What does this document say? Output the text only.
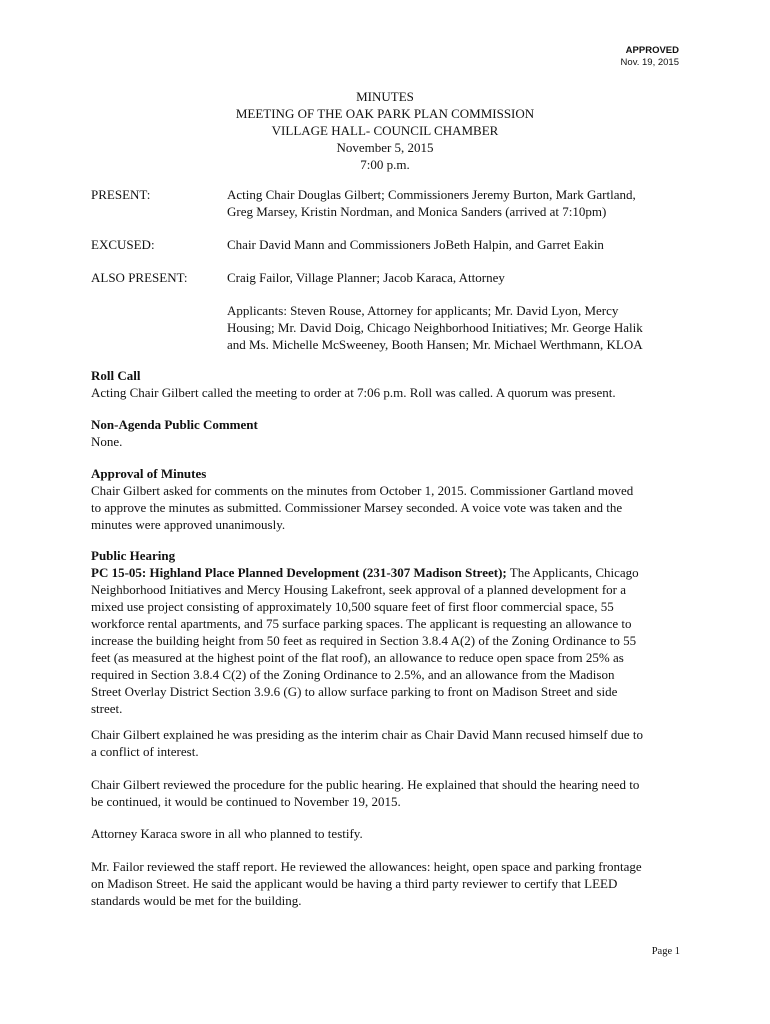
APPROVED
Nov. 19, 2015
MINUTES
MEETING OF THE OAK PARK PLAN COMMISSION
VILLAGE HALL- COUNCIL CHAMBER
November 5, 2015
7:00 p.m.
PRESENT:	Acting Chair Douglas Gilbert; Commissioners Jeremy Burton, Mark Gartland,
Greg Marsey, Kristin Nordman, and Monica Sanders (arrived at 7:10pm)
EXCUSED:	Chair David Mann and Commissioners JoBeth Halpin, and Garret Eakin
ALSO PRESENT:	Craig Failor, Village Planner; Jacob Karaca, Attorney
Applicants: Steven Rouse, Attorney for applicants; Mr. David Lyon, Mercy
Housing; Mr. David Doig, Chicago Neighborhood Initiatives; Mr. George Halik
and Ms. Michelle McSweeney, Booth Hansen; Mr. Michael Werthmann, KLOA
Roll Call

Acting Chair Gilbert called the meeting to order at 7:06 p.m. Roll was called. A quorum was present.

Non-Agenda Public Comment

None.

Approval of Minutes
Chair Gilbert asked for comments on the minutes from October 1, 2015. Commissioner Gartland moved
to approve the minutes as submitted. Commissioner Marsey seconded. A voice vote was taken and the
minutes were approved unanimously.
Public Hearing
PC 15-05: Highland Place Planned Development (231-307 Madison Street); The Applicants, Chicago
Neighborhood Initiatives and Mercy Housing Lakefront, seek approval of a planned development for a
mixed use project consisting of approximately 10,500 square feet of first floor commercial space, 55
workforce rental apartments, and 75 surface parking spaces. The applicant is requesting an allowance to
increase the building height from 50 feet as required in Section 3.8.4 A(2) of the Zoning Ordinance to 55
feet (as measured at the highest point of the flat roof), an allowance to reduce open space from 25% as
required in Section 3.8.4 C(2) of the Zoning Ordinance to 2.5%, and an allowance from the Madison
Street Overlay District Section 3.9.6 (G) to allow surface parking to front on Madison Street and side
street.
Chair Gilbert explained he was presiding as the interim chair as Chair David Mann recused himself due to
a conflict of interest.
Chair Gilbert reviewed the procedure for the public hearing. He explained that should the hearing need to
be continued, it would be continued to November 19, 2015.
Attorney Karaca swore in all who planned to testify.
Mr. Failor reviewed the staff report. He reviewed the allowances: height, open space and parking frontage
on Madison Street. He said the applicant would be having a third party reviewer to certify that LEED
standards would be met for the building.
Page 1
